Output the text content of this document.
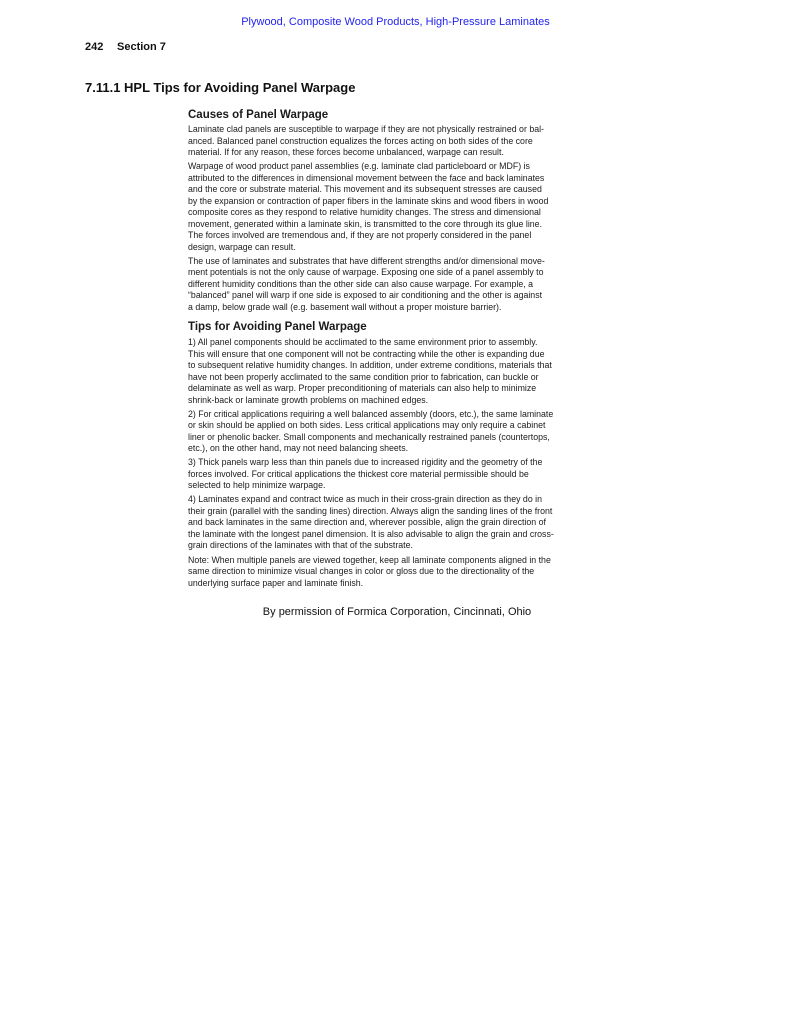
Plywood, Composite Wood Products, High-Pressure Laminates
242 Section 7
7.11.1 HPL Tips for Avoiding Panel Warpage
Causes of Panel Warpage
Laminate clad panels are susceptible to warpage if they are not physically restrained or bal-
anced. Balanced panel construction equalizes the forces acting on both sides of the core
material. If for any reason, these forces become unbalanced, warpage can result.
Warpage of wood product panel assemblies (e.g. laminate clad particleboard or MDF) is
attributed to the differences in dimensional movement between the face and back laminates
and the core or substrate material. This movement and its subsequent stresses are caused
by the expansion or contraction of paper fibers in the laminate skins and wood fibers in wood
composite cores as they respond to relative humidity changes. The stress and dimensional
movement, generated within a laminate skin, is transmitted to the core through its glue line.
The forces involved are tremendous and, if they are not properly considered in the panel
design, warpage can result.
The use of laminates and substrates that have different strengths and/or dimensional move-
ment potentials is not the only cause of warpage. Exposing one side of a panel assembly to
different humidity conditions than the other side can also cause warpage. For example, a
“balanced” panel will warp if one side is exposed to air conditioning and the other is against
a damp, below grade wall (e.g. basement wall without a proper moisture barrier).
Tips for Avoiding Panel Warpage
1) All panel components should be acclimated to the same environment prior to assembly.
This will ensure that one component will not be contracting while the other is expanding due
to subsequent relative humidity changes. In addition, under extreme conditions, materials that
have not been properly acclimated to the same condition prior to fabrication, can buckle or
delaminate as well as warp. Proper preconditioning of materials can also help to minimize
shrink-back or laminate growth problems on machined edges.
2) For critical applications requiring a well balanced assembly (doors, etc.), the same laminate
or skin should be applied on both sides. Less critical applications may only require a cabinet
liner or phenolic backer. Small components and mechanically restrained panels (countertops,
etc.), on the other hand, may not need balancing sheets.
3) Thick panels warp less than thin panels due to increased rigidity and the geometry of the
forces involved. For critical applications the thickest core material permissible should be
selected to help minimize warpage.
4) Laminates expand and contract twice as much in their cross-grain direction as they do in
their grain (parallel with the sanding lines) direction. Always align the sanding lines of the front
and back laminates in the same direction and, wherever possible, align the grain direction of
the laminate with the longest panel dimension. It is also advisable to align the grain and cross-
grain directions of the laminates with that of the substrate.
Note: When multiple panels are viewed together, keep all laminate components aligned in the
same direction to minimize visual changes in color or gloss due to the directionality of the
underlying surface paper and laminate finish.
By permission of Formica Corporation, Cincinnati, Ohio
